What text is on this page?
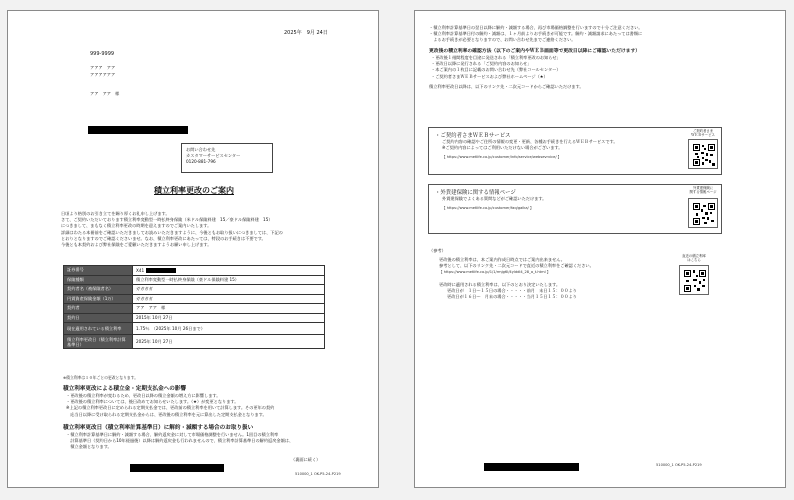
2025年　9月 24日
999-9999
アアア　アア
アアアアアア
アア　アア　様
お問い合わせ先
カスタマーサービスセンター
0120-881-796
積立利率更改のご案内
日頃より格別のお引き立てを賜り厚くお礼申し上げます。
さて、ご契約いただいております積立利率変動型一時払終身保険（米ドル保険料建　15／豪ドル保険料建　15）
につきまして、まもなく積立利率更改の時期を迎えますのでご案内いたします。
詳細はわたる本冊前をご確認いただきましてお読みいただきますように、今後ともお取り扱いにつきましては、下記の
とおりとなりますのでご確認くださいませ。なお、積立利率更改にあたっては、特段のお手続きは不要です。
今後とも本契約および弊社保険をご愛顧いただきますようお願い申し上げます。
証券番号	X41
保険種類	積立利率変動型一時払終身保険（豪ドル保険料建 15）
契約者名（被保険者名）	ガガガガ
円貨資産保険金額（1万）	ガガガガ
契約者	アア　アア　様
契約日	2015年 10月 27日
現在適用されている積立利率	1.75％　（2025年 10月 26日まで）
積立利率更改日（積立利率計算基準日）	2025年 10月 27日
※積立利率は１０年ごとの更改となります。
積立利率更改による積立金・定期支払金への影響
・更改後の積立利率が変わるため、更改日以降の積立金額の増え方に影響します。
・更改後の積立利率については、後日改めてお知らせいたします。（★）が変更となります。
※上記の積立利率更改日に定められる定期支払金では、更改前の積立利率を用いて計算します。その更年の契約
　応当日以降に受け取られる定期支払金からは、更改後の積立利率を元に算出した定期支払金となります。
積立利率更改日（積立利率計算基準日）に解約・減額する場合のお取り扱い
・積立利率計算基準日に解約・減額する場合、解約返戻金に対して市場価格調整を行いません。1回目の積立利率
　計算基準日（契約日から10年経過後）以降は解約返戻金も行われませんので、積立利率計算基準日の解約返戻金額は、
　積立金額となります。
（裏面に続く）
510000_1 OK-P5-24-P219
・積立利率計算基準日の翌日以降に解約・減額する場合、再び市場価格調整を行いますので十分ご注意ください。
・積立利率計算基準日付の解約・減額は、１ヶ月前よりお手続きが可能です。解約・減額請求にあたっては書類に
　よるお手続きが必要となりますので、お問い合わせ先までご連絡ください。
更改後の積立利率の確認方法（以下のご案内やＷＥＢ画面等で更改日以降にご確認いただけます）
・更改後１週間程度を目途に発送される「積立利率更改のお知らせ」
・更改日以降に発行される「ご契約内容のお知らせ」
・本ご案内の１枚目に記載のお問い合わせ先（弊社コールセンター）
・ご契約者さまＷＥＢサービスおよび弊社ホームページ（★）
積立利率更改日以降は、以下のリンク先・二次元コードからご確認いただけます。
・ご契約者さまＷＥＢサービス
ご契約内容の確認やご住所の情報の変更・更新、各種お手続きを行えるＷＥＢサービスです。
※ご契約内容によってはご利用いただけない場合がございます。
【 https://www.metlife.co.jp/customer/info/service/websevrvice/ 】
ご契約者さま
ＷＥＢサービス
・外貨建保険に関する情報ページ
外貨建保険でよくある質問などがご確認いただけます。
【 https://www.metlife.co.jp/customer/faq/gaika/ 】
外貨建保険に
関する情報ページ
（参考）
更改後の積立利率は、本ご案内作成日時点ではご案内出来ません。
参考として、以下のリンク先・二次元コードで直近の積立利率をご確認ください。
【 https://www.metlife.co.jp/1/1/rmjg6l/4ylddl4_28_a_t.html 】
更改時に適用される積立利率は、以下のとおり決定いたします。
更改日が　１日～１５日の場合・・・・・前月　末日１５：００より
更改日が１６日～　月末の場合・・・・・当月１５日１５：００より
直近の積立利率
はこちら
510000_1 OK-P5-24-P219
